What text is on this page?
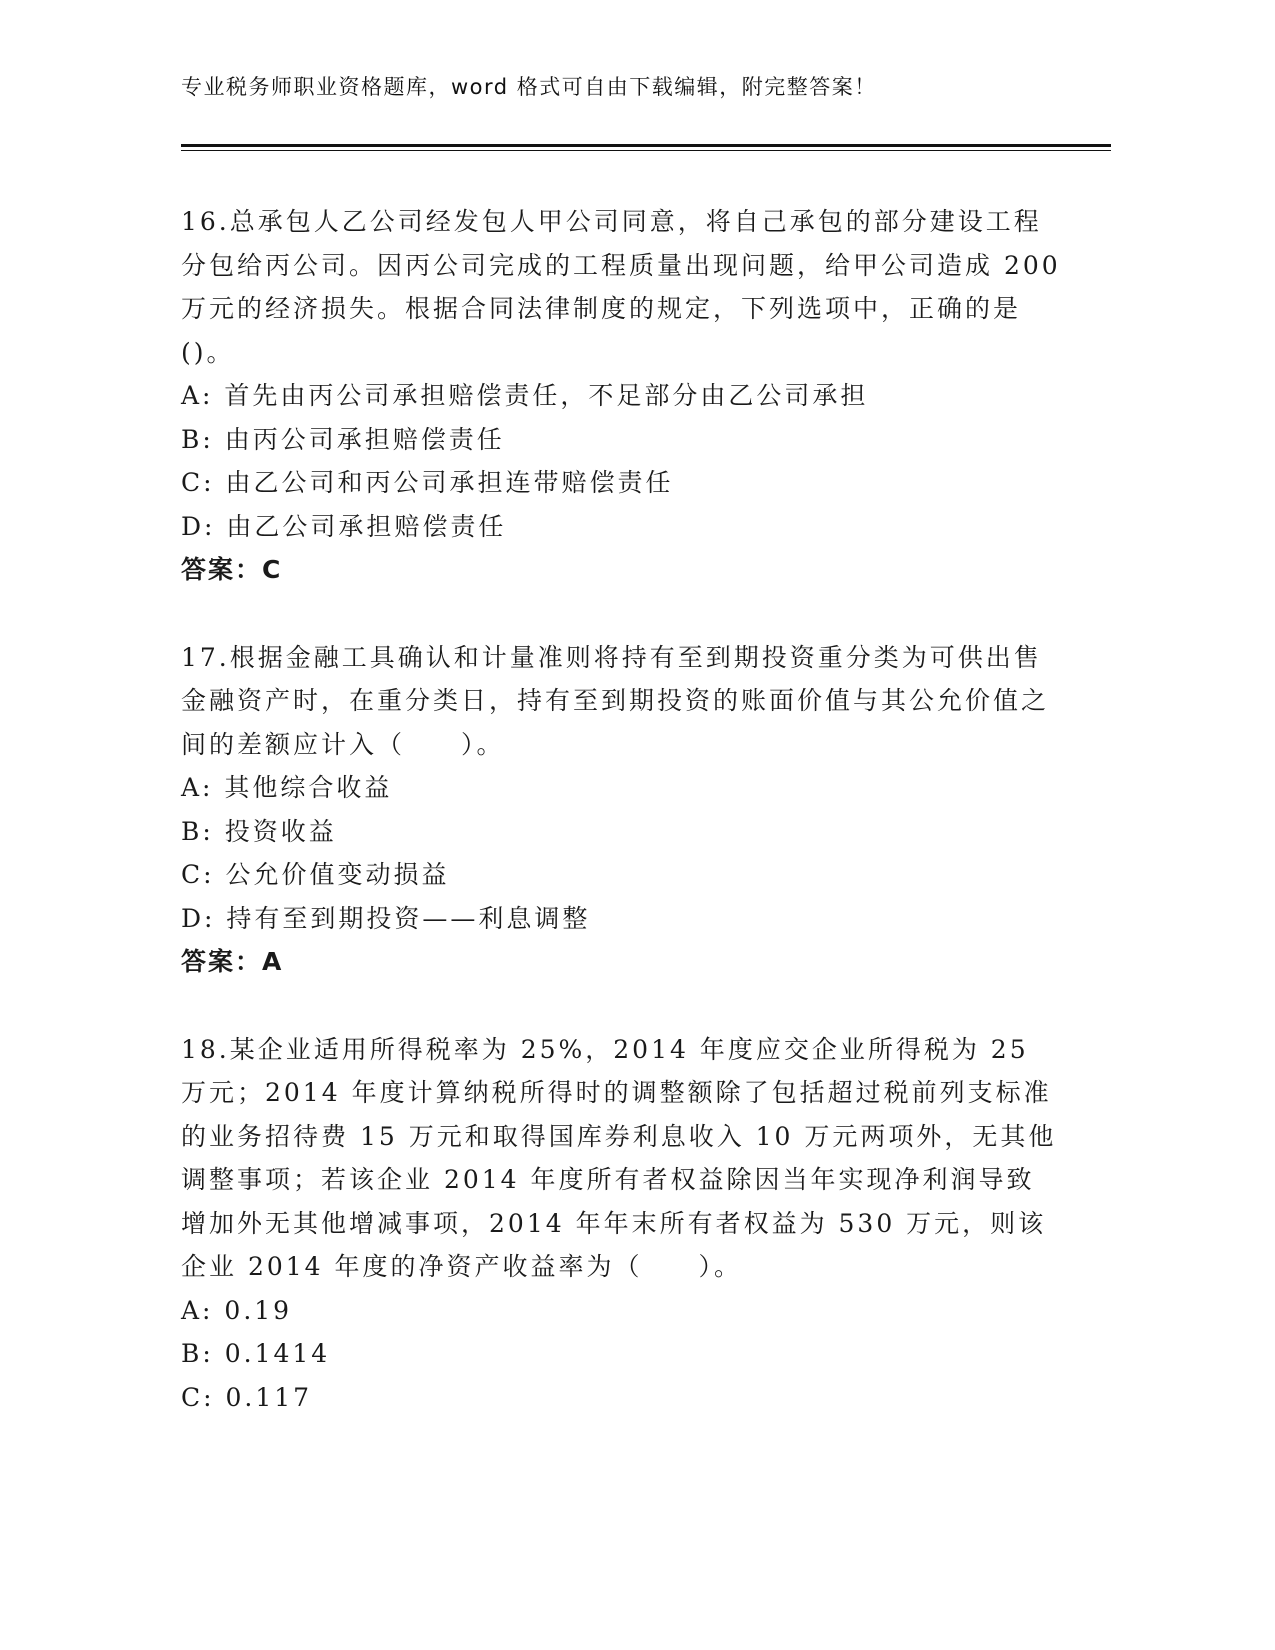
专业税务师职业资格题库，word 格式可自由下载编辑，附完整答案！

16.总承包人乙公司经发包人甲公司同意，将自己承包的部分建设工程分包给丙公司。因丙公司完成的工程质量出现问题，给甲公司造成 200 万元的经济损失。根据合同法律制度的规定，下列选项中，正确的是()。

A: 首先由丙公司承担赔偿责任，不足部分由乙公司承担

B: 由丙公司承担赔偿责任

C: 由乙公司和丙公司承担连带赔偿责任

D: 由乙公司承担赔偿责任

答案：C

17.根据金融工具确认和计量准则将持有至到期投资重分类为可供出售金融资产时，在重分类日，持有至到期投资的账面价值与其公允价值之间的差额应计入（　　）。

A: 其他综合收益

B: 投资收益

C: 公允价值变动损益

D: 持有至到期投资——利息调整

答案：A

18.某企业适用所得税率为 25%，2014 年度应交企业所得税为 25 万元；2014 年度计算纳税所得时的调整额除了包括超过税前列支标准的业务招待费 15 万元和取得国库券利息收入 10 万元两项外，无其他调整事项；若该企业 2014 年度所有者权益除因当年实现净利润导致增加外无其他增减事项，2014 年年末所有者权益为 530 万元，则该企业 2014 年度的净资产收益率为（　　）。

A: 0.19

B: 0.1414

C: 0.117
